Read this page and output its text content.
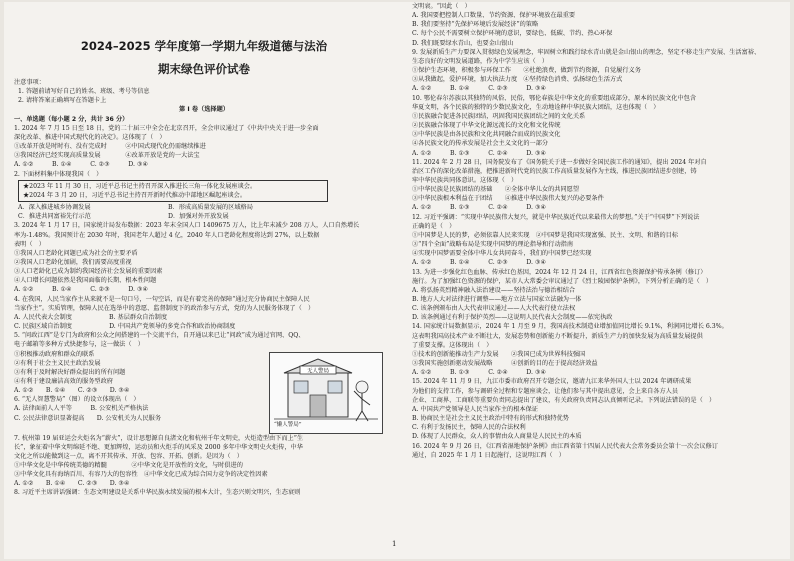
2024–2025 学年度第一学期九年级道德与法治
期末绿色评价试卷
注意事项：
1. 答题前请写好自己的姓名、班级、考号等信息
2. 请将答案正确填写在答题卡上
第 I 卷（选择题）
一、单选题（每小题 2 分，共计 36 分）
1. 2024 年 7 月 15 日至 18 日，党的二十届三中全会在北京召开，全会审议通过了《中共中央关于进一步全面
深化改革、推进中国式现代化的决定》。这体现了（　）
①改革开放是时时有、没有完成时　　　②中国式现代化仍需继续推进
③我国经济已经实现高质量发展　　　　④改革开放是党的一大法宝
A. ①②　　　B. ①④　　　C. ②③　　　D. ③④
2. 下面材料集中体现我国（　）
★2023 年 11 月 30 日，习近平总书记主持召开深入推进长三角一体化发展座谈会。
★2024 年 3 月 20 日，习近平总书记主持召开新时代推动中部地区崛起座谈会。
A．深入推进城乡协调发展	B．形成高质量发展的区域格局
C．推进共同富裕先行示范	D．加强对外开放发展
3. 2024 年 1 月 17 日，国家统计局发布数据：2023 年末全国人口 1409675 万人，比上年末减少 208 万人，人口自然增长
率为-1.48%。我国预计在 2030 年时，我国老年人超过 4 亿，2040 年人口老龄化程度将达到 27%，以上数据
表明（　）
①我国人口老龄化问题已成为社会的主要矛盾
②我国人口老龄化加剧，我们需要高度重视
③人口老龄化已成为制约我国经济社会发展的重要因素
④人口增长问题依然是我国面临的长期、根本性问题
A. ①②　　　B. ①④　　　C. ②③　　　D. ③④
4. 在我国，人民当家作主从来就不是一句口号，一句空话，而是有着完善的保障“通过充分协商民主保障人民
当家作主”。实质管理，保障人民在选举中的意愿、监督制度下的政治参与方式，党的为人民服务体现了（　）
A. 人民代表大会制度　　　　　　B. 基层群众自治制度
C. 民族区域自治制度　　　　　　D. 中国共产党领导的多党合作和政治协商制度
5. “问政江西”是专门为政府和公众之间搭建的一个交流平台，自开通以来已让“问政”成为通过官网、QQ、
电子邮箱等多种方式快捷参与，这一做法（　）
①积极推动政府和群众的联系
②有利于社会主义民主政治发展
③有利于及时解决好群众提出的所有问题
④有利于建设廉洁高效的服务型政府
A. ①②　　B. ①④　　C. ②③　　D. ③④
6. “无人智慧警局”（图）的设立体现出（　）
A. 法律面前人人平等　　　B. 公安机关严格执法
C. 公民法律意识显著提高　　D. 公安机关为人民服务
无人警局
“懒人警局”
7. 杭州第 19 届亚运会火炬名为“薪火”，设计思想源自良渚文化和杭州千年文明史，火炬造型由下而上”生
长”，象征着中华文明绵延不绝、更加辉煌，运动员和火炬手的风采及 2000 多年中华文明史火炬传，中华
文化之所以能做到这一点，离不开其传承、开放、包容、开拓、创新。是因为（　）
①中华文化是中华传统美德的精髓　　　　②中华文化是开放性的文化，与时俱进的
③中华文化具有海纳百川、有容乃大的包容性　④中华文化已成为综合国力竞争的决定性因素
A. ①②　　B. ①④　　C. ②③　　D. ③④
8. 习近平主席讲话强调：生态文明建设是关系中华民族永续发展的根本大计，生态兴则文明兴，生态衰则
文明衰。“因此（　）
A. 我国要把控制人口数量、节约资源、保护环境放在最重要
B. 我们要坚持“先保护环境后发展经济”的策略
C. 每个公民不需要树立保护环境的意识，要绿色、低碳、节约、热心环保
D. 我们既要绿水青山，也要金山银山
9. 发展新质生产力要深入贯彻绿色发展理念，牢固树立和践行绿水青山就是金山银山的理念，坚定不移走生产发展、生活富裕、
生态良好的文明发展道路，作为中学生应该（　）
①保护生态环境，积极参与环保工作　　②杜绝浪费，做到节约资源，自觉履行义务
③从我做起，爱护环境，加大执法力度　④坚持绿色消费、弘扬绿色生活方式
A. ①②　　　B. ①④　　　C. ②③　　　D. ③④
10. 鄂伦春尔苏族以其独特的风俗、民俗，鄂伦春族是中华文化的重要组成部分，原本的民族文化中包含
华夏文明，各个民族的独特的少数民族文化，生动地诠释中华民族大团结，这也体现（　）
①民族融合促进各民族团结，巩固我国民族团结之间的文化关系
②民族融合体现了中华文化源远流长的文化和文化传统
③中华民族是由各民族和文化共同融合而成的民族文化
④各民族文化的传承发展是社会主义文化的一部分
A. ①②　　　B. ①③　　　C. ②④　　　D. ③④
11. 2024 年 2 月 28 日，国务院发布了《国务院关于进一步做好全国民族工作的通知》，提出 2024 年对自
治区工作的深化改革措施，把推进新时代党的民族工作高质量发展作为主线，推进民族团结进步创建，铸
牢中华民族共同体意识。这体现（　）
①中华民族是民族团结的基础　　②全体中华儿女的共同愿望
③中华民族根本利益在于团结　　④推进中华民族伟大复兴的必要条件
A. ①②　　　B. ①③　　　C. ②④　　　D. ③④
12. 习近平强调：“实现中华民族伟大复兴，就是中华民族近代以来最伟大的梦想。”关于“中国梦”下列说法
正确的是（　）
①中国梦是人民的梦，必须依靠人民来实现　②中国梦是我国实现富强、民主、文明、和谐的目标
③“四个全面”战略布局是实现中国梦的理论指导和行动指南
④实现中国梦需要全体中华儿女共同奋斗，我们的中国梦已经实现
A. ①②　　　B. ①④　　　C. ②③　　　D. ③④
13. 为进一步强化红色血脉、传承红色基因，2024 年 12 月 24 日，江西省红色资源保护传承条例（修订）
施行。为了加强红色资源的保护，某市人大常委会审议通过了《烈士陵园保护条例》，下列分析正确的是（　）
A. 将弘扬英烈精神融入法治建设——坚持法治与德治相结合
B. 地方人大对法律进行调整——地方立法与国家立法融为一体
C. 该条例颁布由人大代表审议通过——人大代表行使立法权
D. 该条例通过有利于保护英烈——这说明人民代表大会制度——依宪执政
14. 国家统计局数据显示，2024 年 1 月至 9 月，我国高技术制造业增加值同比增长 9.1%，利润同比增长 6.3%。
这表明我国高技术产业不断壮大，发展态势和创新能力不断提升，新质生产力的加快发展为高质量发展提供
了重要支撑。这体现出（　）
①技术的创新能推动生产力发展　　②我国已成为世界科技强国
③我国实施创新驱动发展战略　　　④创新的目的在于提高经济效益
A. ①②　　　B. ①③　　　C. ②④　　　D. ③④
15. 2024 年 11 月 9 日，九江市委市政府召开专题会议，邀请九江来华外国人士以 2024 年调研成果
为他们的支持工作，参与调研全过程和专题座谈会，让他们参与其中提出意见，会上来自各方人员
企业、工商界、工商联等重要负责同志提出了建议，有关政府负责同志认真倾听记录。下列说法错误的是（　）
A. 中国共产党领导是人民当家作主的根本保证
B. 协商民主是社会主义民主政治中特有的形式和独特优势
C. 有利于发扬民主，保障人民的合法权利
D. 体现了人民群众，众人的事情由众人商量是人民民主的本质
16. 2024 年 9 月 26 日，《江西省湿地保护条例》由江西省第十四届人民代表大会常务委员会第十一次会议修订
通过，自 2025 年 1 月 1 日起施行，这说明江西（　）
1
